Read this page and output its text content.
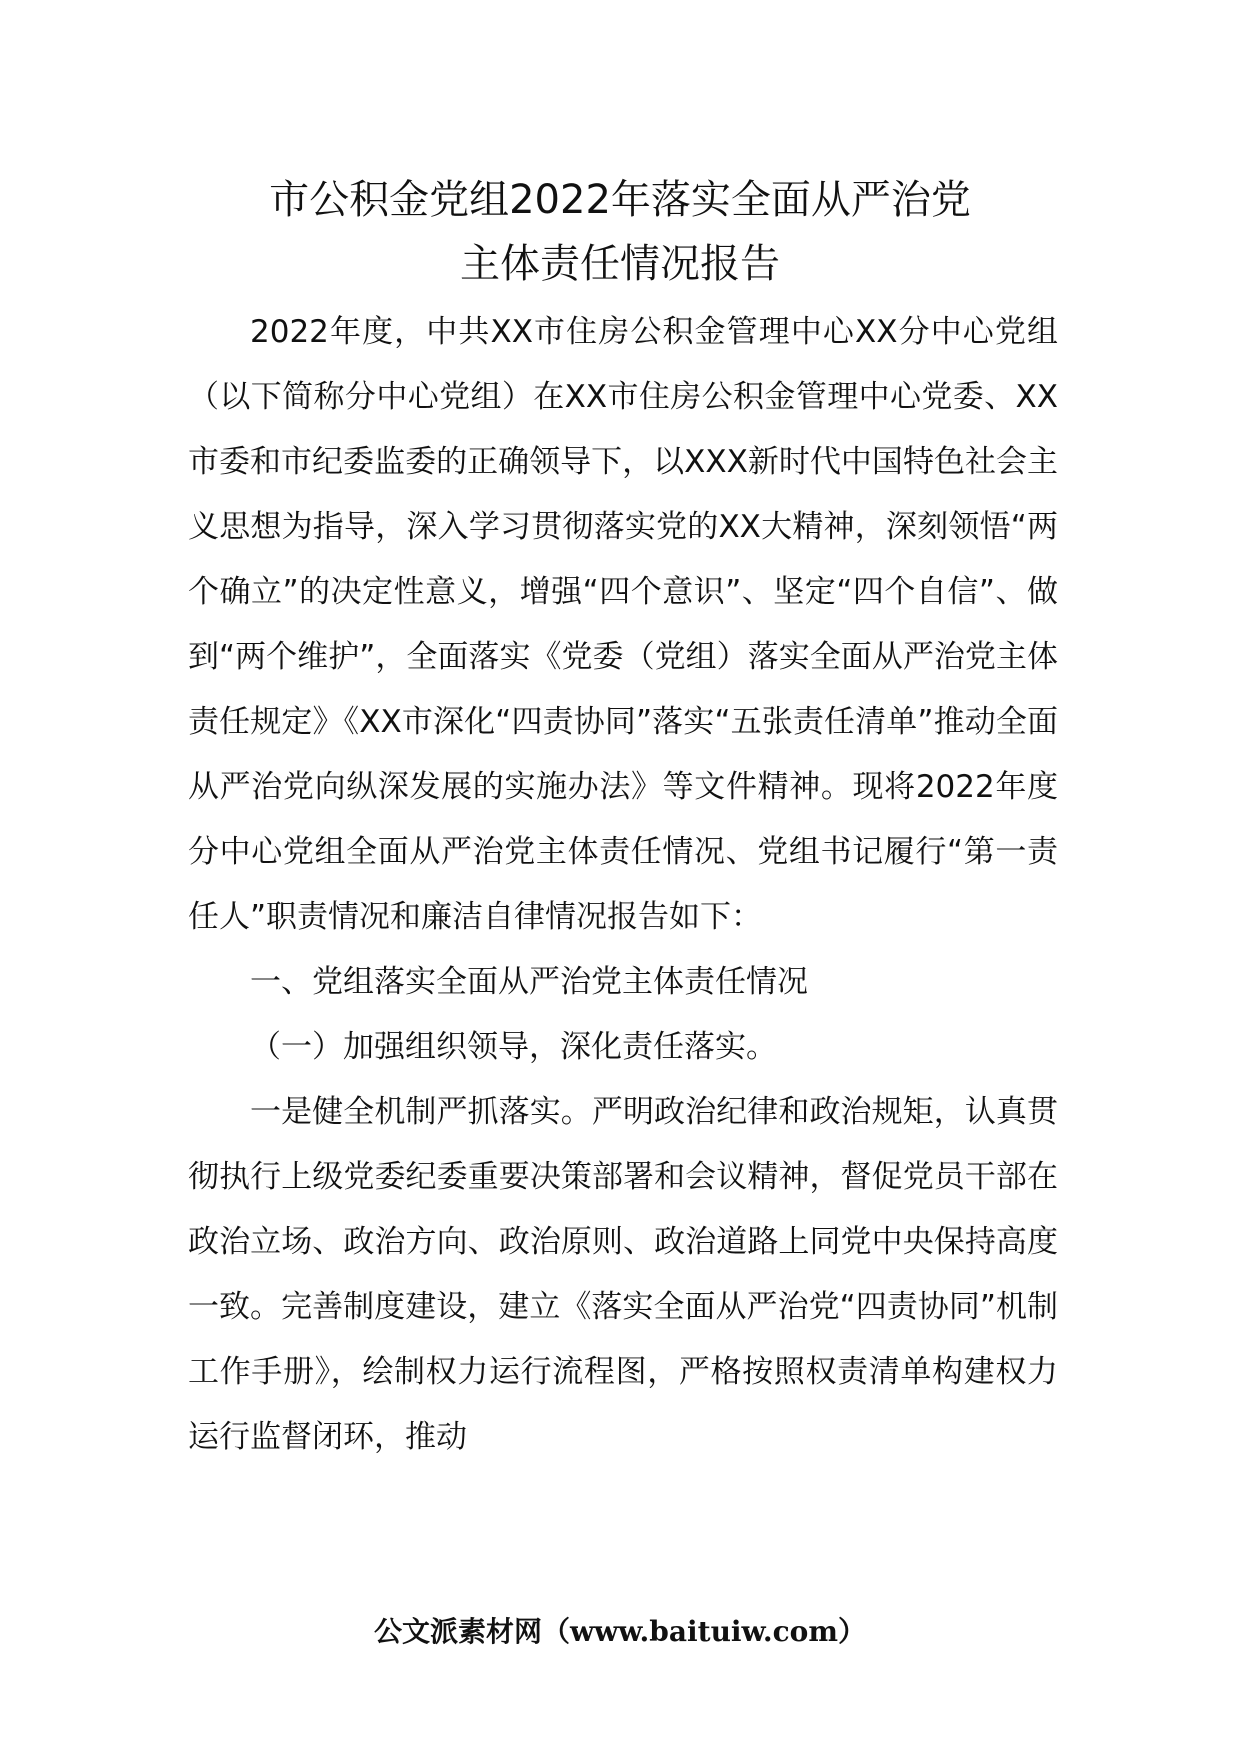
市公积金党组2022年落实全面从严治党
主体责任情况报告

2022年度，中共XX市住房公积金管理中心XX分中心党组（以下简称分中心党组）在XX市住房公积金管理中心党委、XX市委和市纪委监委的正确领导下，以XXX新时代中国特色社会主义思想为指导，深入学习贯彻落实党的XX大精神，深刻领悟“两个确立”的决定性意义，增强“四个意识”、坚定“四个自信”、做到“两个维护”，全面落实《党委（党组）落实全面从严治党主体责任规定》《XX市深化“四责协同”落实“五张责任清单”推动全面从严治党向纵深发展的实施办法》等文件精神。现将2022年度分中心党组全面从严治党主体责任情况、党组书记履行“第一责任人”职责情况和廉洁自律情况报告如下：

一、党组落实全面从严治党主体责任情况

（一）加强组织领导，深化责任落实。

一是健全机制严抓落实。严明政治纪律和政治规矩，认真贯彻执行上级党委纪委重要决策部署和会议精神，督促党员干部在政治立场、政治方向、政治原则、政治道路上同党中央保持高度一致。完善制度建设，建立《落实全面从严治党“四责协同”机制工作手册》，绘制权力运行流程图，严格按照权责清单构建权力运行监督闭环，推动

公文派素材网（www.baituiw.com）
